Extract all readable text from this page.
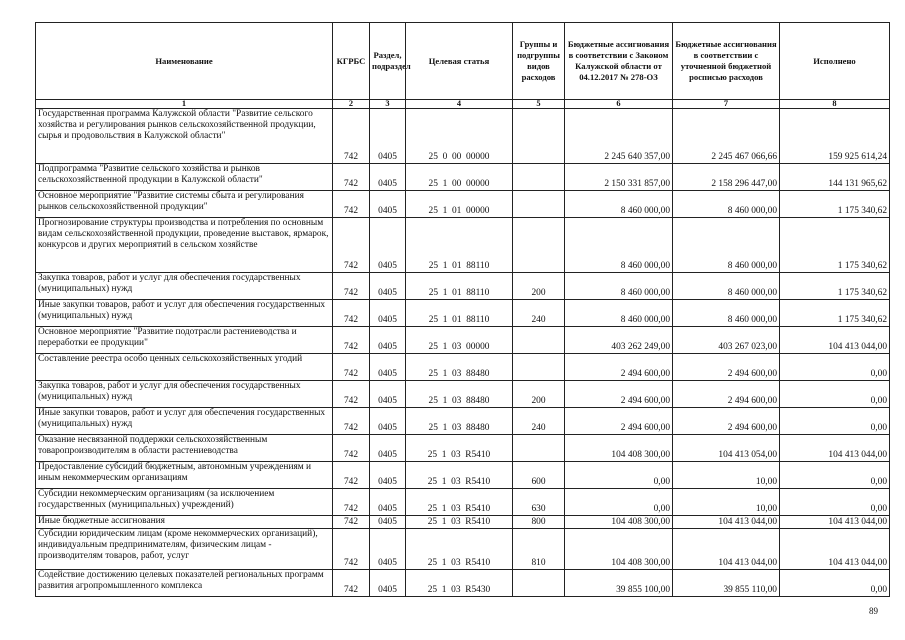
Наименование	КГРБС	Раздел, подраздел	Целевая статья	Группы и подгруппы видов расходов	Бюджетные ассигнования в соответствии с Законом Калужской области от 04.12.2017 № 278-ОЗ	Бюджетные ассигнования в соответствии с уточненной бюджетной росписью расходов	Исполнено
1	2	3	4	5	6	7	8
Государственная программа Калужской области "Развитие сельского хозяйства и регулирования рынков сельскохозяйственной продукции, сырья и продовольствия в Калужской области"	742	0405	25  0  00  00000		2 245 640 357,00	2 245 467 066,66	159 925 614,24
Подпрограмма "Развитие сельского хозяйства и рынков сельскохозяйственной продукции в Калужской области"	742	0405	25  1  00  00000		2 150 331 857,00	2 158 296 447,00	144 131 965,62
Основное мероприятие "Развитие системы сбыта и регулирования рынков сельскохозяйственной продукции"	742	0405	25  1  01  00000		8 460 000,00	8 460 000,00	1 175 340,62
Прогнозирование структуры производства и потребления по основным видам сельскохозяйственной продукции, проведение выставок, ярмарок, конкурсов и других мероприятий в сельском хозяйстве	742	0405	25  1  01  88110		8 460 000,00	8 460 000,00	1 175 340,62
Закупка товаров, работ и услуг для обеспечения государственных (муниципальных) нужд	742	0405	25  1  01  88110	200	8 460 000,00	8 460 000,00	1 175 340,62
Иные закупки товаров, работ и услуг для обеспечения государственных (муниципальных) нужд	742	0405	25  1  01  88110	240	8 460 000,00	8 460 000,00	1 175 340,62
Основное мероприятие "Развитие подотрасли растениеводства и переработки ее продукции"	742	0405	25  1  03  00000		403 262 249,00	403 267 023,00	104 413 044,00
Составление реестра особо ценных сельскохозяйственных угодий	742	0405	25  1  03  88480		2 494 600,00	2 494 600,00	0,00
Закупка товаров, работ и услуг для обеспечения государственных (муниципальных) нужд	742	0405	25  1  03  88480	200	2 494 600,00	2 494 600,00	0,00
Иные закупки товаров, работ и услуг для обеспечения государственных (муниципальных) нужд	742	0405	25  1  03  88480	240	2 494 600,00	2 494 600,00	0,00
Оказание несвязанной поддержки сельскохозяйственным товаропроизводителям в области растениеводства	742	0405	25  1  03  R5410		104 408 300,00	104 413 054,00	104 413 044,00
Предоставление субсидий бюджетным, автономным учреждениям и иным некоммерческим организациям	742	0405	25  1  03  R5410	600	0,00	10,00	0,00
Субсидии некоммерческим организациям (за исключением государственных (муниципальных) учреждений)	742	0405	25  1  03  R5410	630	0,00	10,00	0,00
Иные бюджетные ассигнования	742	0405	25  1  03  R5410	800	104 408 300,00	104 413 044,00	104 413 044,00
Субсидии юридическим лицам (кроме некоммерческих организаций), индивидуальным предпринимателям, физическим лицам - производителям товаров, работ, услуг	742	0405	25  1  03  R5410	810	104 408 300,00	104 413 044,00	104 413 044,00
Содействие достижению целевых показателей региональных программ развития агропромышленного комплекса	742	0405	25  1  03  R5430		39 855 100,00	39 855 110,00	0,00
89
